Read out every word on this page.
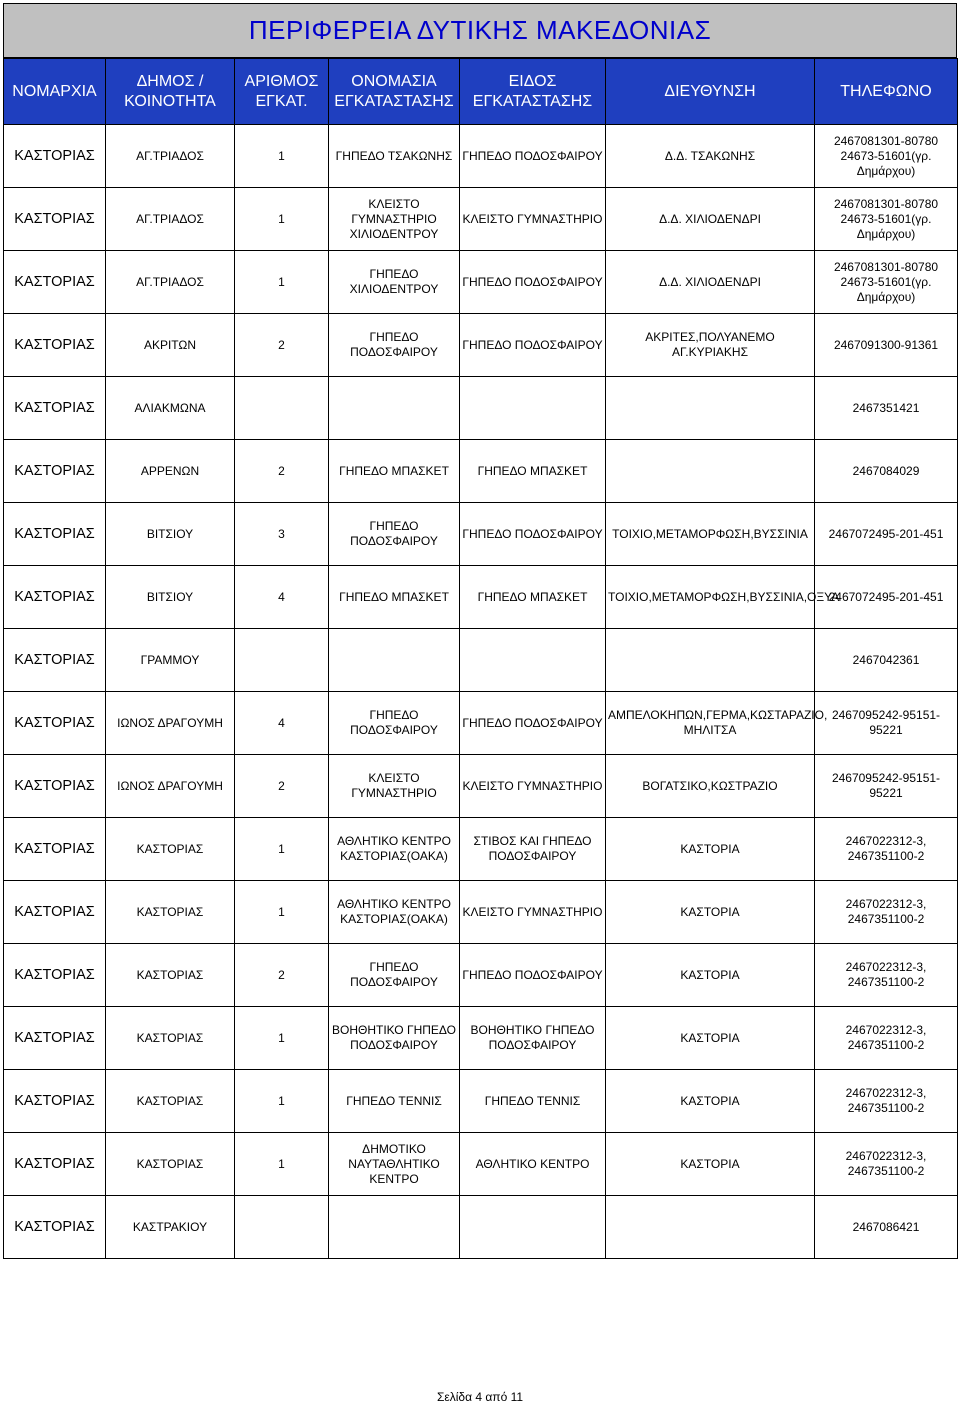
ΠΕΡΙΦΕΡΕΙΑ ΔΥΤΙΚΗΣ ΜΑΚΕΔΟΝΙΑΣ
ΝΟΜΑΡΧΙΑ	ΔΗΜΟΣ / ΚΟΙΝΟΤΗΤΑ	ΑΡΙΘΜΟΣ ΕΓΚΑΤ.	ΟΝΟΜΑΣΙΑ ΕΓΚΑΤΑΣΤΑΣΗΣ	ΕΙΔΟΣ ΕΓΚΑΤΑΣΤΑΣΗΣ	ΔΙΕΥΘΥΝΣΗ	ΤΗΛΕΦΩΝΟ
ΚΑΣΤΟΡΙΑΣ	ΑΓ.ΤΡΙΑΔΟΣ	1	ΓΗΠΕΔΟ ΤΣΑΚΩΝΗΣ	ΓΗΠΕΔΟ ΠΟΔΟΣΦΑΙΡΟΥ	Δ.Δ. ΤΣΑΚΩΝΗΣ	2467081301-80780 24673-51601(γρ. Δημάρχου)
ΚΑΣΤΟΡΙΑΣ	ΑΓ.ΤΡΙΑΔΟΣ	1	ΚΛΕΙΣΤΟ ΓΥΜΝΑΣΤΗΡΙΟ ΧΙΛΙΟΔΕΝΤΡΟΥ	ΚΛΕΙΣΤΟ ΓΥΜΝΑΣΤΗΡΙΟ	Δ.Δ. ΧΙΛΙΟΔΕΝΔΡΙ	2467081301-80780 24673-51601(γρ. Δημάρχου)
ΚΑΣΤΟΡΙΑΣ	ΑΓ.ΤΡΙΑΔΟΣ	1	ΓΗΠΕΔΟ ΧΙΛΙΟΔΕΝΤΡΟΥ	ΓΗΠΕΔΟ ΠΟΔΟΣΦΑΙΡΟΥ	Δ.Δ. ΧΙΛΙΟΔΕΝΔΡΙ	2467081301-80780 24673-51601(γρ. Δημάρχου)
ΚΑΣΤΟΡΙΑΣ	ΑΚΡΙΤΩΝ	2	ΓΗΠΕΔΟ ΠΟΔΟΣΦΑΙΡΟΥ	ΓΗΠΕΔΟ ΠΟΔΟΣΦΑΙΡΟΥ	ΑΚΡΙΤΕΣ,ΠΟΛΥΑΝΕΜΟ ΑΓ.ΚΥΡΙΑΚΗΣ	2467091300-91361
ΚΑΣΤΟΡΙΑΣ	ΑΛΙΑΚΜΩΝΑ					2467351421
ΚΑΣΤΟΡΙΑΣ	ΑΡΡΕΝΩΝ	2	ΓΗΠΕΔΟ ΜΠΑΣΚΕΤ	ΓΗΠΕΔΟ ΜΠΑΣΚΕΤ		2467084029
ΚΑΣΤΟΡΙΑΣ	ΒΙΤΣΙΟΥ	3	ΓΗΠΕΔΟ ΠΟΔΟΣΦΑΙΡΟΥ	ΓΗΠΕΔΟ ΠΟΔΟΣΦΑΙΡΟΥ	ΤΟΙΧΙΟ,ΜΕΤΑΜΟΡΦΩΣΗ,ΒΥΣΣΙΝΙΑ	2467072495-201-451
ΚΑΣΤΟΡΙΑΣ	ΒΙΤΣΙΟΥ	4	ΓΗΠΕΔΟ ΜΠΑΣΚΕΤ	ΓΗΠΕΔΟ ΜΠΑΣΚΕΤ	ΤΟΙΧΙΟ,ΜΕΤΑΜΟΡΦΩΣΗ,ΒΥΣΣΙΝΙΑ,ΟΞΥΑ	2467072495-201-451
ΚΑΣΤΟΡΙΑΣ	ΓΡΑΜΜΟΥ					2467042361
ΚΑΣΤΟΡΙΑΣ	ΙΩΝΟΣ ΔΡΑΓΟΥΜΗ	4	ΓΗΠΕΔΟ ΠΟΔΟΣΦΑΙΡΟΥ	ΓΗΠΕΔΟ ΠΟΔΟΣΦΑΙΡΟΥ	ΑΜΠΕΛΟΚΗΠΩΝ,ΓΕΡΜΑ,ΚΩΣΤΑΡΑΖΙΟ, ΜΗΛΙΤΣΑ	2467095242-95151-95221
ΚΑΣΤΟΡΙΑΣ	ΙΩΝΟΣ ΔΡΑΓΟΥΜΗ	2	ΚΛΕΙΣΤΟ ΓΥΜΝΑΣΤΗΡΙΟ	ΚΛΕΙΣΤΟ ΓΥΜΝΑΣΤΗΡΙΟ	ΒΟΓΑΤΣΙΚΟ,ΚΩΣΤΡΑΖΙΟ	2467095242-95151-95221
ΚΑΣΤΟΡΙΑΣ	ΚΑΣΤΟΡΙΑΣ	1	ΑΘΛΗΤΙΚΟ ΚΕΝΤΡΟ ΚΑΣΤΟΡΙΑΣ(ΟΑΚΑ)	ΣΤΙΒΟΣ ΚΑΙ ΓΗΠΕΔΟ ΠΟΔΟΣΦΑΙΡΟΥ	ΚΑΣΤΟΡΙΑ	2467022312-3, 2467351100-2
ΚΑΣΤΟΡΙΑΣ	ΚΑΣΤΟΡΙΑΣ	1	ΑΘΛΗΤΙΚΟ ΚΕΝΤΡΟ ΚΑΣΤΟΡΙΑΣ(ΟΑΚΑ)	ΚΛΕΙΣΤΟ ΓΥΜΝΑΣΤΗΡΙΟ	ΚΑΣΤΟΡΙΑ	2467022312-3, 2467351100-2
ΚΑΣΤΟΡΙΑΣ	ΚΑΣΤΟΡΙΑΣ	2	ΓΗΠΕΔΟ ΠΟΔΟΣΦΑΙΡΟΥ	ΓΗΠΕΔΟ ΠΟΔΟΣΦΑΙΡΟΥ	ΚΑΣΤΟΡΙΑ	2467022312-3, 2467351100-2
ΚΑΣΤΟΡΙΑΣ	ΚΑΣΤΟΡΙΑΣ	1	ΒΟΗΘΗΤΙΚΟ ΓΗΠΕΔΟ ΠΟΔΟΣΦΑΙΡΟΥ	ΒΟΗΘΗΤΙΚΟ ΓΗΠΕΔΟ ΠΟΔΟΣΦΑΙΡΟΥ	ΚΑΣΤΟΡΙΑ	2467022312-3, 2467351100-2
ΚΑΣΤΟΡΙΑΣ	ΚΑΣΤΟΡΙΑΣ	1	ΓΗΠΕΔΟ ΤΕΝΝΙΣ	ΓΗΠΕΔΟ ΤΕΝΝΙΣ	ΚΑΣΤΟΡΙΑ	2467022312-3, 2467351100-2
ΚΑΣΤΟΡΙΑΣ	ΚΑΣΤΟΡΙΑΣ	1	ΔΗΜΟΤΙΚΟ ΝΑΥΤΑΘΛΗΤΙΚΟ ΚΕΝΤΡΟ	ΑΘΛΗΤΙΚΟ ΚΕΝΤΡΟ	ΚΑΣΤΟΡΙΑ	2467022312-3, 2467351100-2
ΚΑΣΤΟΡΙΑΣ	ΚΑΣΤΡΑΚΙΟΥ					2467086421
Σελίδα 4 από 11
